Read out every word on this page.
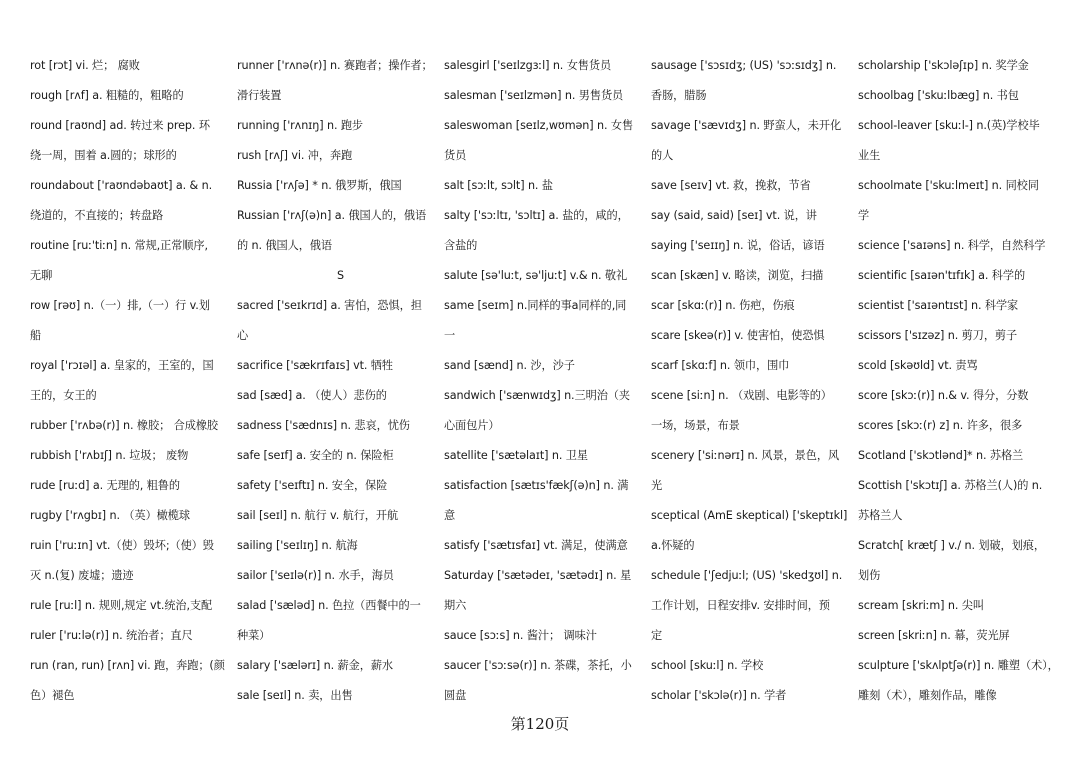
rot [rɔt] vi. 烂； 腐败
rough [rʌf] a. 粗糙的，粗略的
round [raʊnd] ad. 转过来 prep. 环
绕一周，围着 a.圆的；球形的
roundabout ['raʊndəbaʊt] a. & n.
绕道的，不直接的；转盘路
routine [ruː'tiːn] n. 常规,正常顺序,
无聊
row [rəʊ] n.（一）排,（一）行 v.划
船
royal ['rɔɪəl] a. 皇家的，王室的，国
王的，女王的
rubber ['rʌbə(r)] n. 橡胶； 合成橡胶
rubbish ['rʌbɪʃ] n. 垃圾； 废物
rude [ruːd] a. 无理的, 粗鲁的
rugby ['rʌgbɪ] n. （英）橄榄球
ruin ['ruːɪn] vt.（使）毁坏;（使）毁
灭 n.(复) 废墟；遗迹
rule [ruːl] n. 规则,规定 vt.统治,支配
ruler ['ruːlə(r)] n. 统治者；直尺
run (ran, run) [rʌn] vi. 跑，奔跑；(颜
色）褪色
runner ['rʌnə(r)] n. 赛跑者；操作者；
滑行装置
running ['rʌnɪŋ] n. 跑步
rush [rʌʃ] vi. 冲，奔跑
Russia ['rʌʃə] * n. 俄罗斯，俄国
Russian ['rʌʃ(ə)n] a. 俄国人的，俄语
的 n. 俄国人，俄语
S
sacred ['seɪkrɪd] a. 害怕，恐惧，担
心
sacrifice ['sækrɪfaɪs] vt. 牺牲
sad [sæd] a. （使人）悲伤的
sadness ['sædnɪs] n. 悲哀，忧伤
safe [seɪf] a. 安全的 n. 保险柜
safety ['seɪftɪ] n. 安全，保险
sail [seɪl] n. 航行 v. 航行，开航
sailing ['seɪlɪŋ] n. 航海
sailor ['seɪlə(r)] n. 水手，海员
salad ['sæləd] n. 色拉（西餐中的一
种菜）
salary ['sælərɪ] n. 薪金，薪水
sale [seɪl] n. 卖，出售
salesgirl ['seɪlzgɜːl] n. 女售货员
salesman ['seɪlzmən] n. 男售货员
saleswoman [seɪlz,wʊmən] n. 女售
货员
salt [sɔːlt, sɔlt] n. 盐
salty ['sɔːltɪ, 'sɔltɪ] a. 盐的，咸的，
含盐的
salute [sə'luːt, sə'ljuːt] v.& n. 敬礼
same [seɪm] n.同样的事a同样的,同
一
sand [sænd] n. 沙，沙子
sandwich ['sænwɪdʒ] n.三明治（夹
心面包片）
satellite ['sætəlaɪt] n. 卫星
satisfaction [sætɪs'fækʃ(ə)n] n. 满
意
satisfy ['sætɪsfaɪ] vt. 满足，使满意
Saturday ['sætədeɪ, 'sætədɪ] n. 星
期六
sauce [sɔːs] n. 酱汁； 调味汁
saucer ['sɔːsə(r)] n. 茶碟，茶托，小
圆盘
sausage ['sɔsɪdʒ; (US) 'sɔːsɪdʒ] n.
香肠，腊肠
savage ['sævɪdʒ] n. 野蛮人，未开化
的人
save [seɪv] vt. 救，挽救，节省
say (said, said) [seɪ] vt. 说，讲
saying ['seɪɪŋ] n. 说，俗话，谚语
scan [skæn] v. 略读，浏览，扫描
scar [skɑː(r)] n. 伤疤，伤痕
scare [skeə(r)] v. 使害怕，使恐惧
scarf [skɑːf] n. 领巾，围巾
scene [siːn] n. （戏剧、电影等的）
一场，场景，布景
scenery ['siːnərɪ] n. 风景，景色，风
光
sceptical (AmE skeptical) ['skeptɪkl]
a.怀疑的
schedule ['ʃedjuːl; (US) 'skedʒʊl] n.
工作计划，日程安排v. 安排时间，预
定
school [skuːl] n. 学校
scholar ['skɔlə(r)] n. 学者
scholarship ['skɔləʃɪp] n. 奖学金
schoolbag ['skuːlbæg] n. 书包
school-leaver [skuːl-] n.(英)学校毕
业生
schoolmate ['skuːlmeɪt] n. 同校同
学
science ['saɪəns] n. 科学，自然科学
scientific [saɪən'tɪfɪk] a. 科学的
scientist ['saɪəntɪst] n. 科学家
scissors ['sɪzəz] n. 剪刀，剪子
scold [skəʊld] vt. 责骂
score [skɔː(r)] n.& v. 得分，分数
scores [skɔː(r) z] n. 许多，很多
Scotland ['skɔtlənd]* n. 苏格兰
Scottish ['skɔtɪʃ] a. 苏格兰(人)的 n.
苏格兰人
Scratch[ krætʃ ] v./ n. 划破，划痕，
划伤
scream [skriːm] n. 尖叫
screen [skriːn] n. 幕，荧光屏
sculpture ['skʌlptʃə(r)] n. 雕塑（术），
雕刻（术），雕刻作品，雕像
第120页
